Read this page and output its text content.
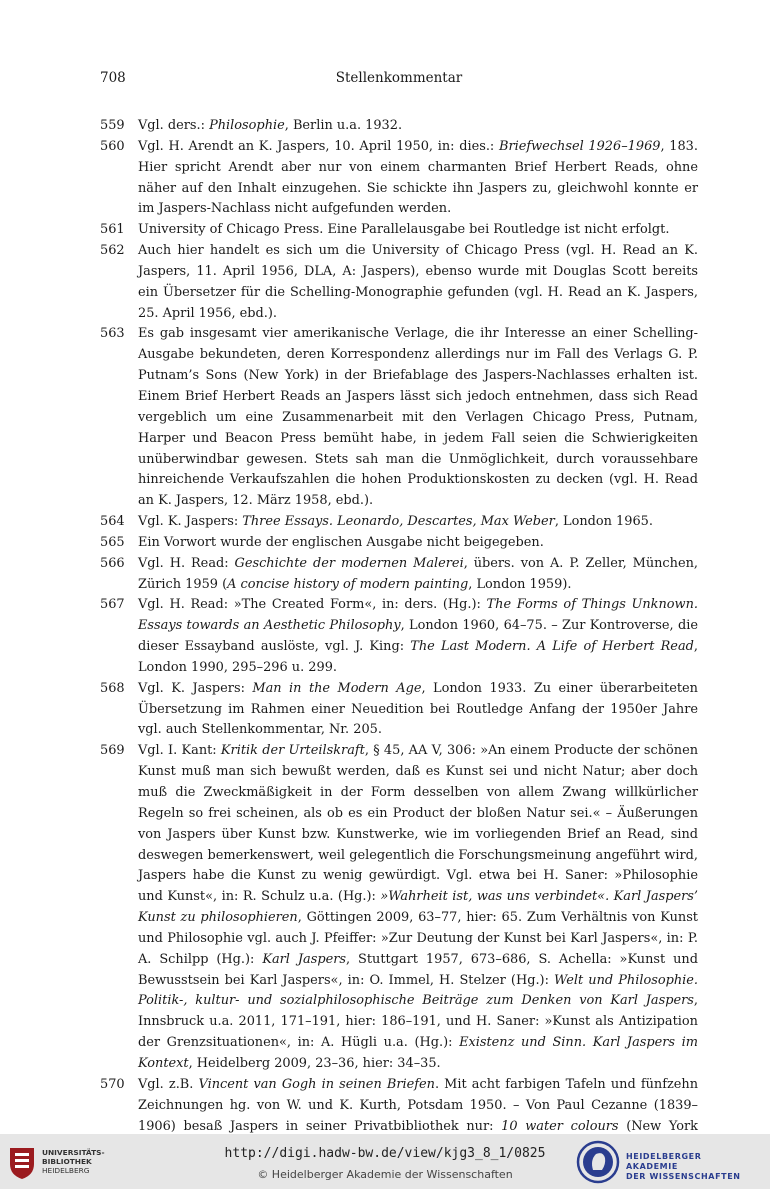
708	Stellenkommentar
559 Vgl. ders.: Philosophie, Berlin u.a. 1932.
560 Vgl. H. Arendt an K. Jaspers, 10. April 1950, in: dies.: Briefwechsel 1926–1969, 183. Hier spricht Arendt aber nur von einem charmanten Brief Herbert Reads, ohne näher auf den Inhalt einzugehen. Sie schickte ihn Jaspers zu, gleichwohl konnte er im Jaspers-Nachlass nicht aufgefunden werden.
561 University of Chicago Press. Eine Parallelausgabe bei Routledge ist nicht erfolgt.
562 Auch hier handelt es sich um die University of Chicago Press (vgl. H. Read an K. Jaspers, 11. April 1956, DLA, A: Jaspers), ebenso wurde mit Douglas Scott bereits ein Übersetzer für die Schelling-Monographie gefunden (vgl. H. Read an K. Jaspers, 25. April 1956, ebd.).
563 Es gab insgesamt vier amerikanische Verlage, die ihr Interesse an einer Schelling-Ausgabe bekundeten, deren Korrespondenz allerdings nur im Fall des Verlags G. P. Putnam’s Sons (New York) in der Briefablage des Jaspers-Nachlasses erhalten ist. Einem Brief Herbert Reads an Jaspers lässt sich jedoch entnehmen, dass sich Read vergeblich um eine Zusammenarbeit mit den Verlagen Chicago Press, Putnam, Harper und Beacon Press bemüht habe, in jedem Fall seien die Schwierigkeiten unüberwindbar gewesen. Stets sah man die Unmöglichkeit, durch voraussehbare hinreichende Verkaufszahlen die hohen Produktionskosten zu decken (vgl. H. Read an K. Jaspers, 12. März 1958, ebd.).
564 Vgl. K. Jaspers: Three Essays. Leonardo, Descartes, Max Weber, London 1965.
565 Ein Vorwort wurde der englischen Ausgabe nicht beigegeben.
566 Vgl. H. Read: Geschichte der modernen Malerei, übers. von A. P. Zeller, München, Zürich 1959 (A concise history of modern painting, London 1959).
567 Vgl. H. Read: »The Created Form«, in: ders. (Hg.): The Forms of Things Unknown. Essays towards an Aesthetic Philosophy, London 1960, 64–75. – Zur Kontroverse, die dieser Essayband auslöste, vgl. J. King: The Last Modern. A Life of Herbert Read, London 1990, 295–296 u. 299.
568 Vgl. K. Jaspers: Man in the Modern Age, London 1933. Zu einer überarbeiteten Übersetzung im Rahmen einer Neuedition bei Routledge Anfang der 1950er Jahre vgl. auch Stellenkommentar, Nr. 205.
569 Vgl. I. Kant: Kritik der Urteilskraft, § 45, AA V, 306: »An einem Producte der schönen Kunst muß man sich bewußt werden, daß es Kunst sei und nicht Natur; aber doch muß die Zweckmäßigkeit in der Form desselben von allem Zwang willkürlicher Regeln so frei scheinen, als ob es ein Product der bloßen Natur sei.« – Äußerungen von Jaspers über Kunst bzw. Kunstwerke, wie im vorliegenden Brief an Read, sind deswegen bemerkenswert, weil gelegentlich die Forschungsmeinung angeführt wird, Jaspers habe die Kunst zu wenig gewürdigt. Vgl. etwa bei H. Saner: »Philosophie und Kunst«, in: R. Schulz u.a. (Hg.): »Wahrheit ist, was uns verbindet«. Karl Jaspers’ Kunst zu philosophieren, Göttingen 2009, 63–77, hier: 65. Zum Verhältnis von Kunst und Philosophie vgl. auch J. Pfeiffer: »Zur Deutung der Kunst bei Karl Jaspers«, in: P. A. Schilpp (Hg.): Karl Jaspers, Stuttgart 1957, 673–686, S. Achella: »Kunst und Bewusstsein bei Karl Jaspers«, in: O. Immel, H. Stelzer (Hg.): Welt und Philosophie. Politik-, kultur- und sozialphilosophische Beiträge zum Denken von Karl Jaspers, Innsbruck u.a. 2011, 171–191, hier: 186–191, und H. Saner: »Kunst als Antizipation der Grenzsituationen«, in: A. Hügli u.a. (Hg.): Existenz und Sinn. Karl Jaspers im Kontext, Heidelberg 2009, 23–36, hier: 34–35.
570 Vgl. z.B. Vincent van Gogh in seinen Briefen. Mit acht farbigen Tafeln und fünfzehn Zeichnungen hg. von W. und K. Kurth, Potsdam 1950. – Von Paul Cezanne (1839–1906) besaß Jaspers in seiner Privatbibliothek nur: 10 water colours (New York
UNIVERSITÄTS-
BIBLIOTHEK
HEIDELBERG
http://digi.hadw-bw.de/view/kjg3_8_1/0825
© Heidelberger Akademie der Wissenschaften
HEIDELBERGER AKADEMIE
DER WISSENSCHAFTEN
